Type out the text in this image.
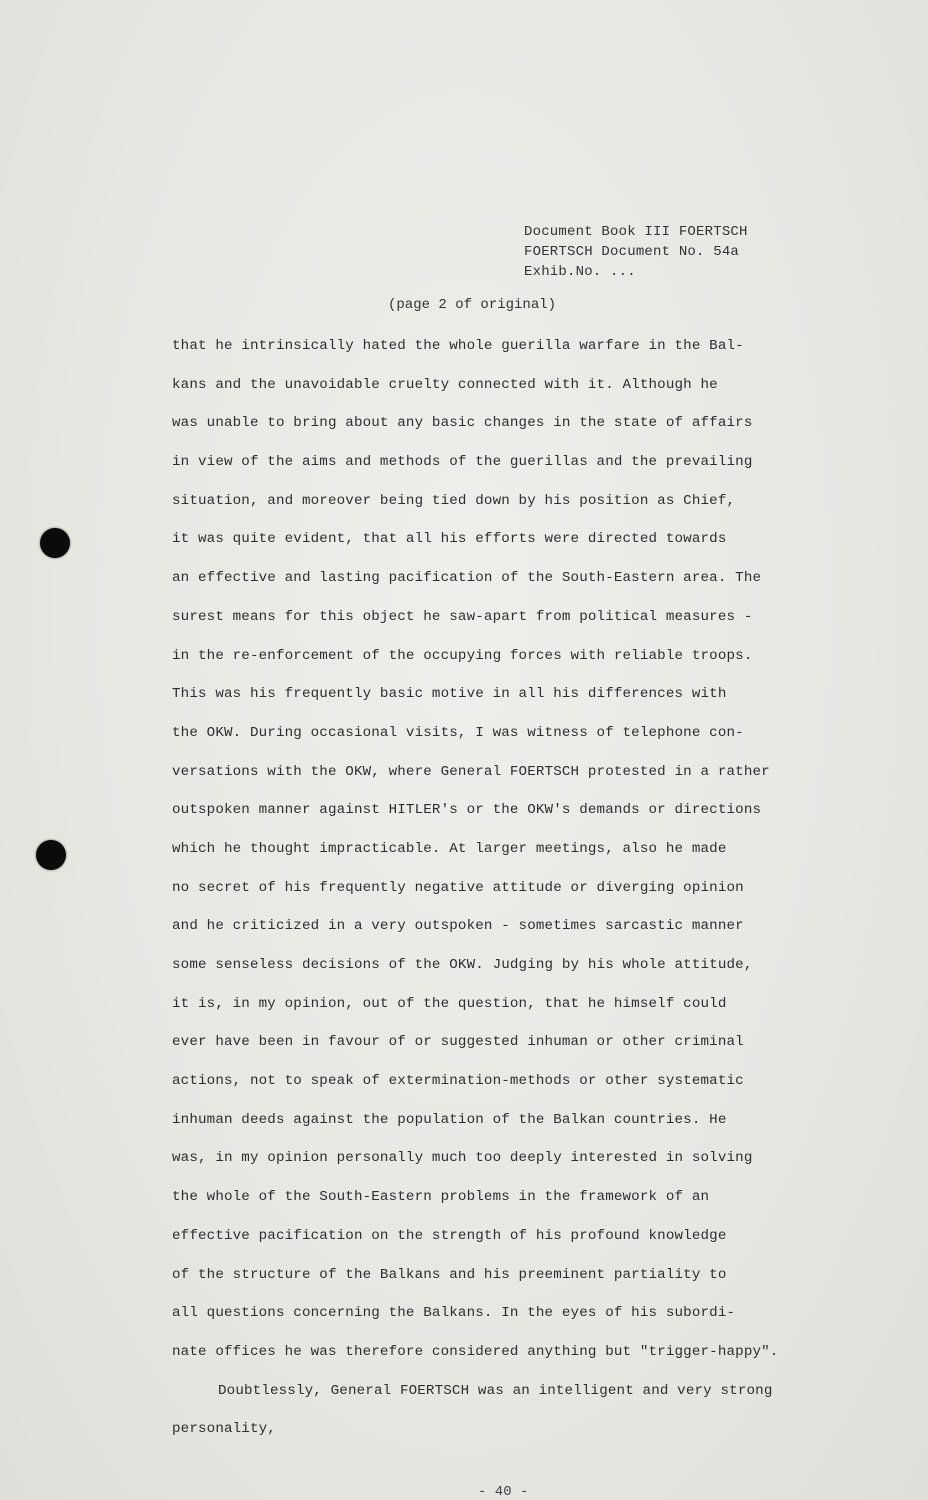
Document Book III FOERTSCH
FOERTSCH Document No. 54a
Exhib.No. ...
(page 2 of original)
that he intrinsically hated the whole guerilla warfare in the Bal-
kans and the unavoidable cruelty connected with it. Although he
was unable to bring about any basic changes in the state of affairs
in view of the aims and methods of the guerillas and the prevailing
situation, and moreover being tied down by his position as Chief,
it was quite evident, that all his efforts were directed towards
an effective and lasting pacification of the South-Eastern area. The
surest means for this object he saw-apart from political measures -
in the re-enforcement of the occupying forces with reliable troops.
This was his frequently basic motive in all his differences with
the OKW. During occasional visits, I was witness of telephone con-
versations with the OKW, where General FOERTSCH protested in a rather
outspoken manner against HITLER's or the OKW's demands or directions
which he thought impracticable. At larger meetings, also he made
no secret of his frequently negative attitude or diverging opinion
and he criticized in a very outspoken - sometimes sarcastic manner
some senseless decisions of the OKW. Judging by his whole attitude,
it is, in my opinion, out of the question, that he himself could
ever have been in favour of or suggested inhuman or other criminal
actions, not to speak of extermination-methods or other systematic
inhuman deeds against the population of the Balkan countries. He
was, in my opinion personally much too deeply interested in solving
the whole of the South-Eastern problems in the framework of an
effective pacification on the strength of his profound knowledge
of the structure of the Balkans and his preeminent partiality to
all questions concerning the Balkans. In the eyes of his subordi-
nate offices he was therefore considered anything but "trigger-happy".
Doubtlessly, General FOERTSCH was an intelligent and very strong
personality,
- 40 -
